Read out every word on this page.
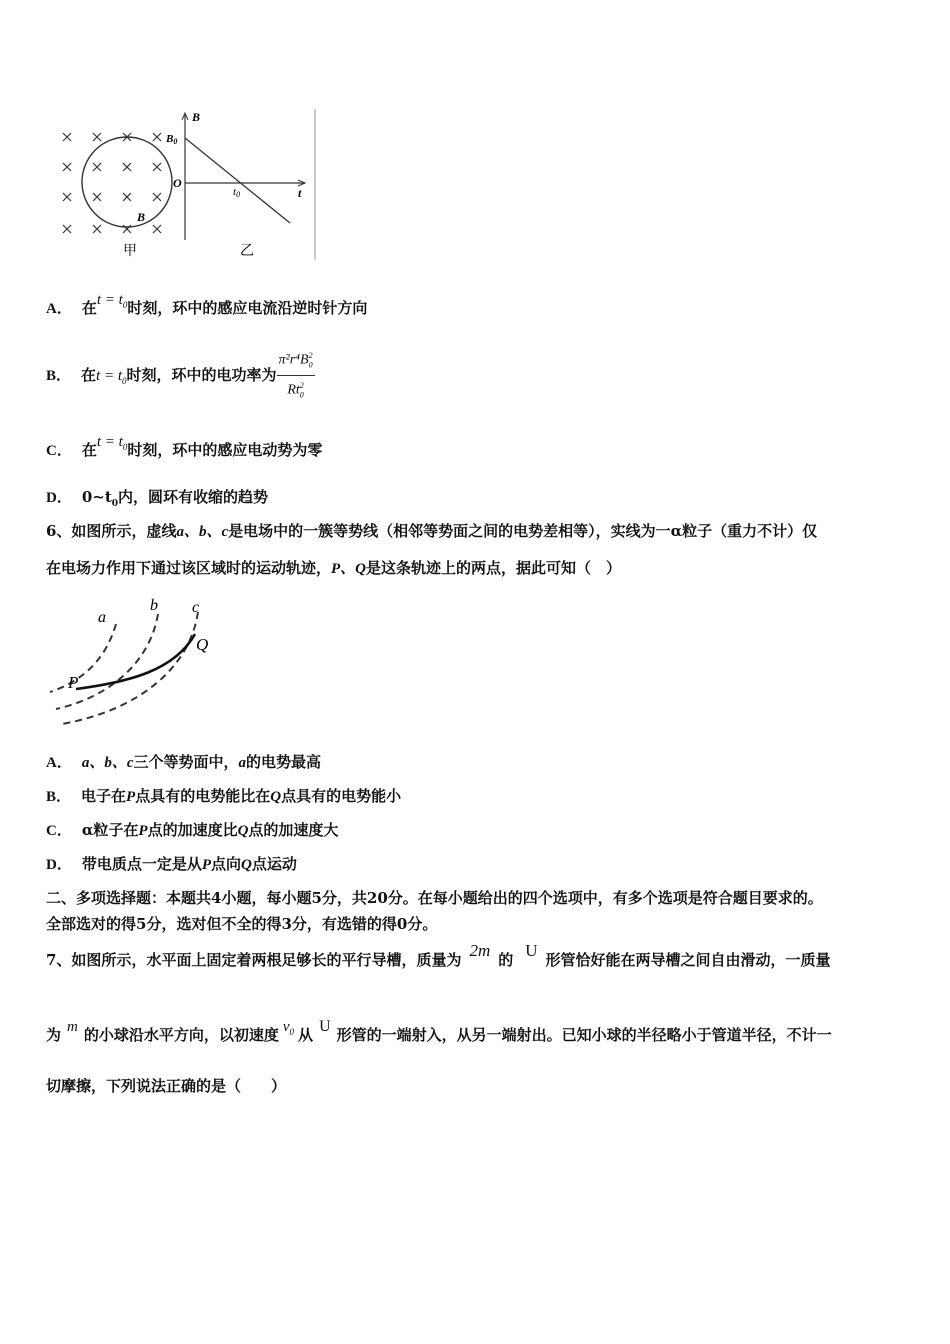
B
甲
B
t
O
B0
t0
乙
A． 在$t = t_0$时刻，环中的感应电流沿逆时针方向
B． 在$t = t_0$时刻，环中的电功率为 $\frac{\pi^2r^4B_0^2}{Rt_0^2}$
C． 在$t = t_0$时刻，环中的感应电动势为零
D． $0\sim t_0$内，圆环有收缩的趋势
6、如图所示，虚线a、b、c是电场中的一簇等势线（相邻等势面之间的电势差相等），实线为一α粒子（重力不计）仅
在电场力作用下通过该区域时的运动轨迹，P、Q是这条轨迹上的两点，据此可知（　）
a
b c
P
Q
A． a、b、c三个等势面中，a的电势最高
B． 电子在P点具有的电势能比在Q点具有的电势能小
C． α粒子在P点的加速度比Q点的加速度大
D． 带电质点一定是从P点向Q点运动
二、多项选择题：本题共4小题，每小题5分，共20分。在每小题给出的四个选项中，有多个选项是符合题目要求的。
全部选对的得5分，选对但不全的得3分，有选错的得0分。
7、如图所示，水平面上固定着两根足够长的平行导槽，质量为 2m 的 U 形管恰好能在两导槽之间自由滑动，一质量
为 m 的小球沿水平方向，以初速度 $v_0$ 从 U 形管的一端射入，从另一端射出。已知小球的半径略小于管道半径，不计一
切摩擦，下列说法正确的是（　　）
